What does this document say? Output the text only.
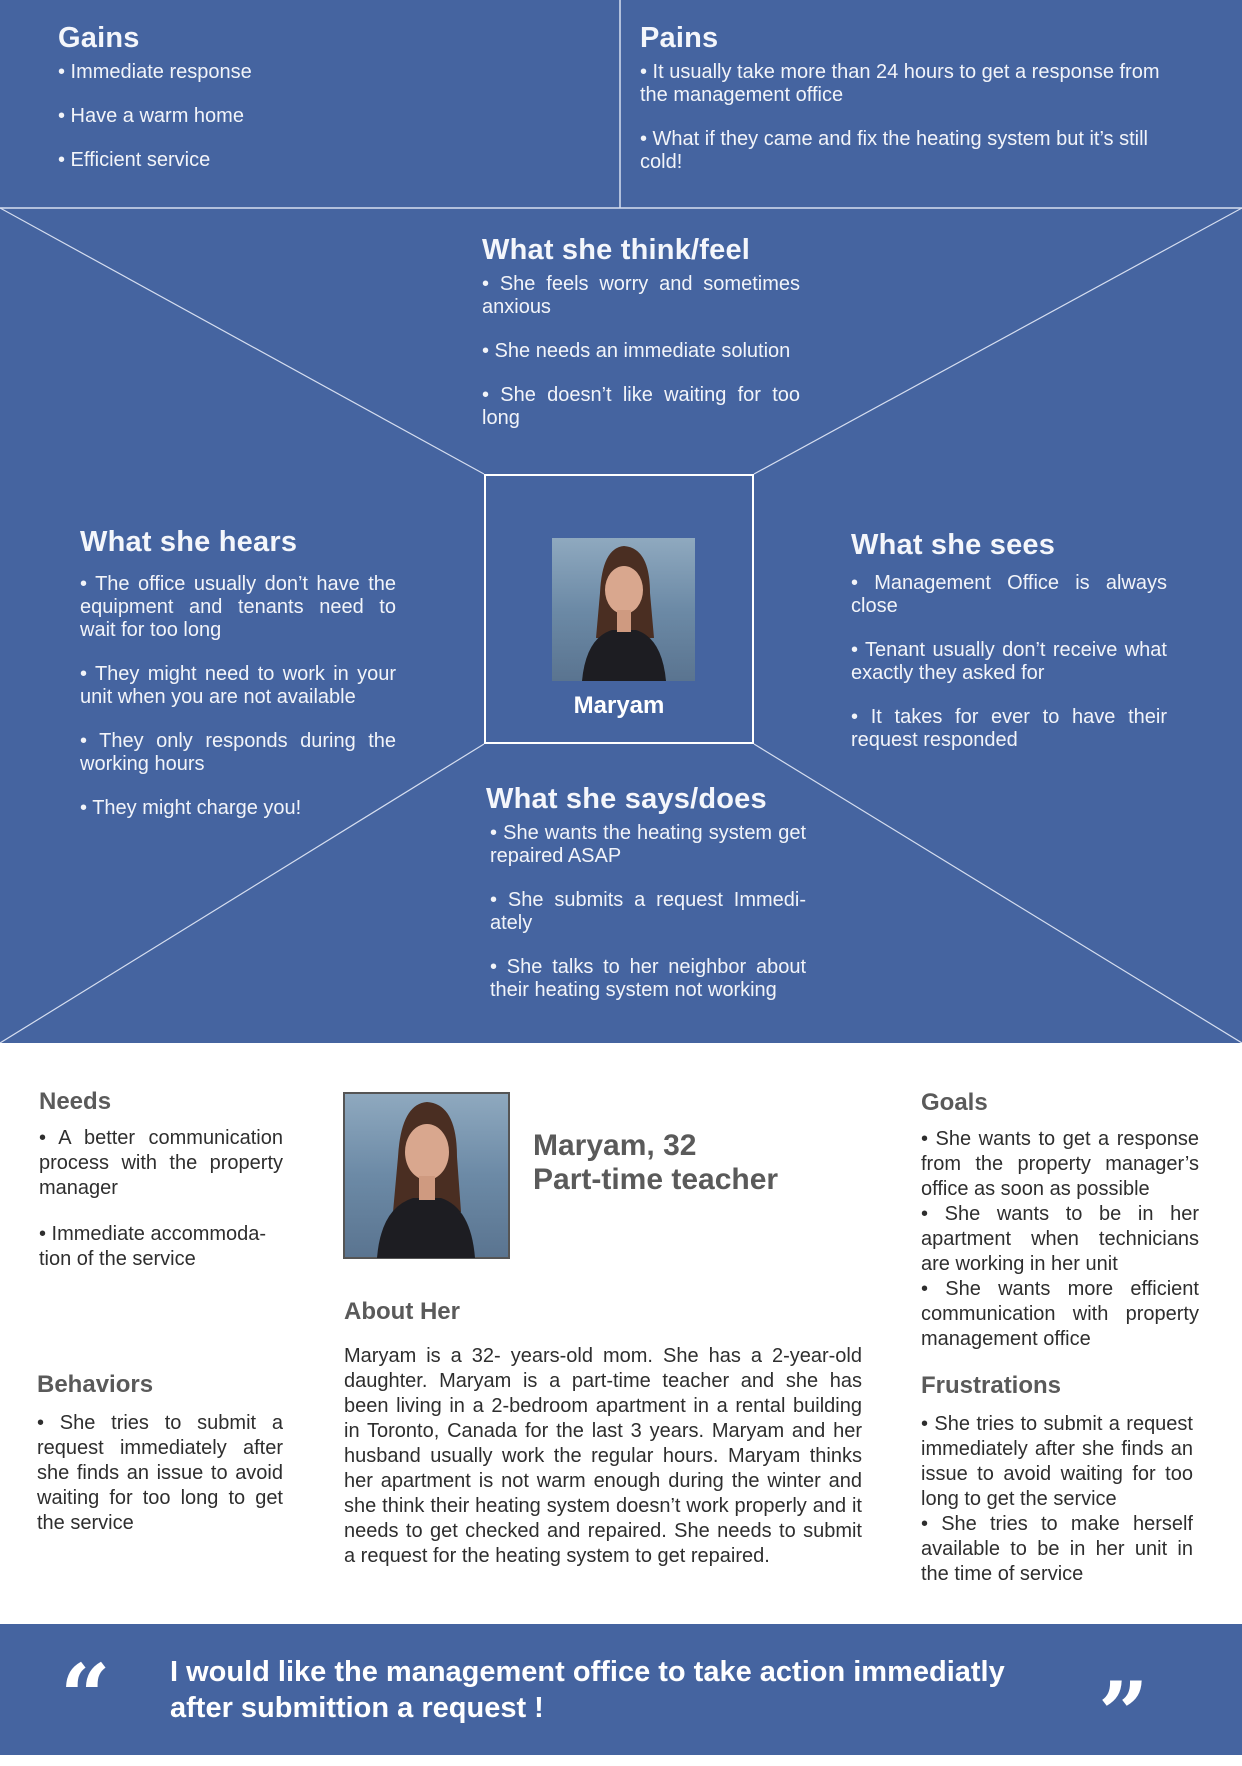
Gains

• Immediate response

• Have a warm home

• Efficient service

Pains

• It usually take more than 24 hours to get a response from the management office

• What if they came and fix the heating system but it’s still cold!

What she think/feel

• She feels worry and sometimes anxious

• She needs an immediate solution

• She doesn’t like waiting for too long

What she hears

• The office usually don’t have the equipment and tenants need to wait for too long

• They might need to work in your unit when you are not available

• They only responds during the working hours

• They might charge you!

What she sees

• Management Office is always close

• Tenant usually don’t receive what exactly they asked for

• It takes for ever to have their request responded

Maryam
What she says/does

• She wants the heating system get repaired ASAP

• She submits a request Immedi-ately

• She talks to her neighbor about their heating system not working

Needs

• A better communication process with the property manager

• Immediate accommoda-tion of the service

Behaviors

• She tries to submit a request immediately after she finds an issue to avoid waiting for too long to get the service

Maryam, 32
Part-time teacher
About Her

Maryam is a 32- years-old mom. She has a 2-year-old daughter. Maryam is a part-time teacher and she has been living in a 2-bedroom apartment in a rental building in Toronto, Canada for the last 3 years. Maryam and her husband usually work the regular hours. Maryam thinks her apartment is not warm enough during the winter and she think their heating system doesn’t work properly and it needs to get checked and repaired. She needs to submit a request for the heating system to get repaired.

Goals

• She wants to get a response from the property manager’s office as soon as possible

• She wants to be in her apartment when technicians are working in her unit

• She wants more efficient communication with property management office

Frustrations

• She tries to submit a request immediately after she finds an issue to avoid waiting for too long to get the service

• She tries to make herself available to be in her unit in the time of service

“ I would like the management office to take action immediatly after submittion a request !	”
